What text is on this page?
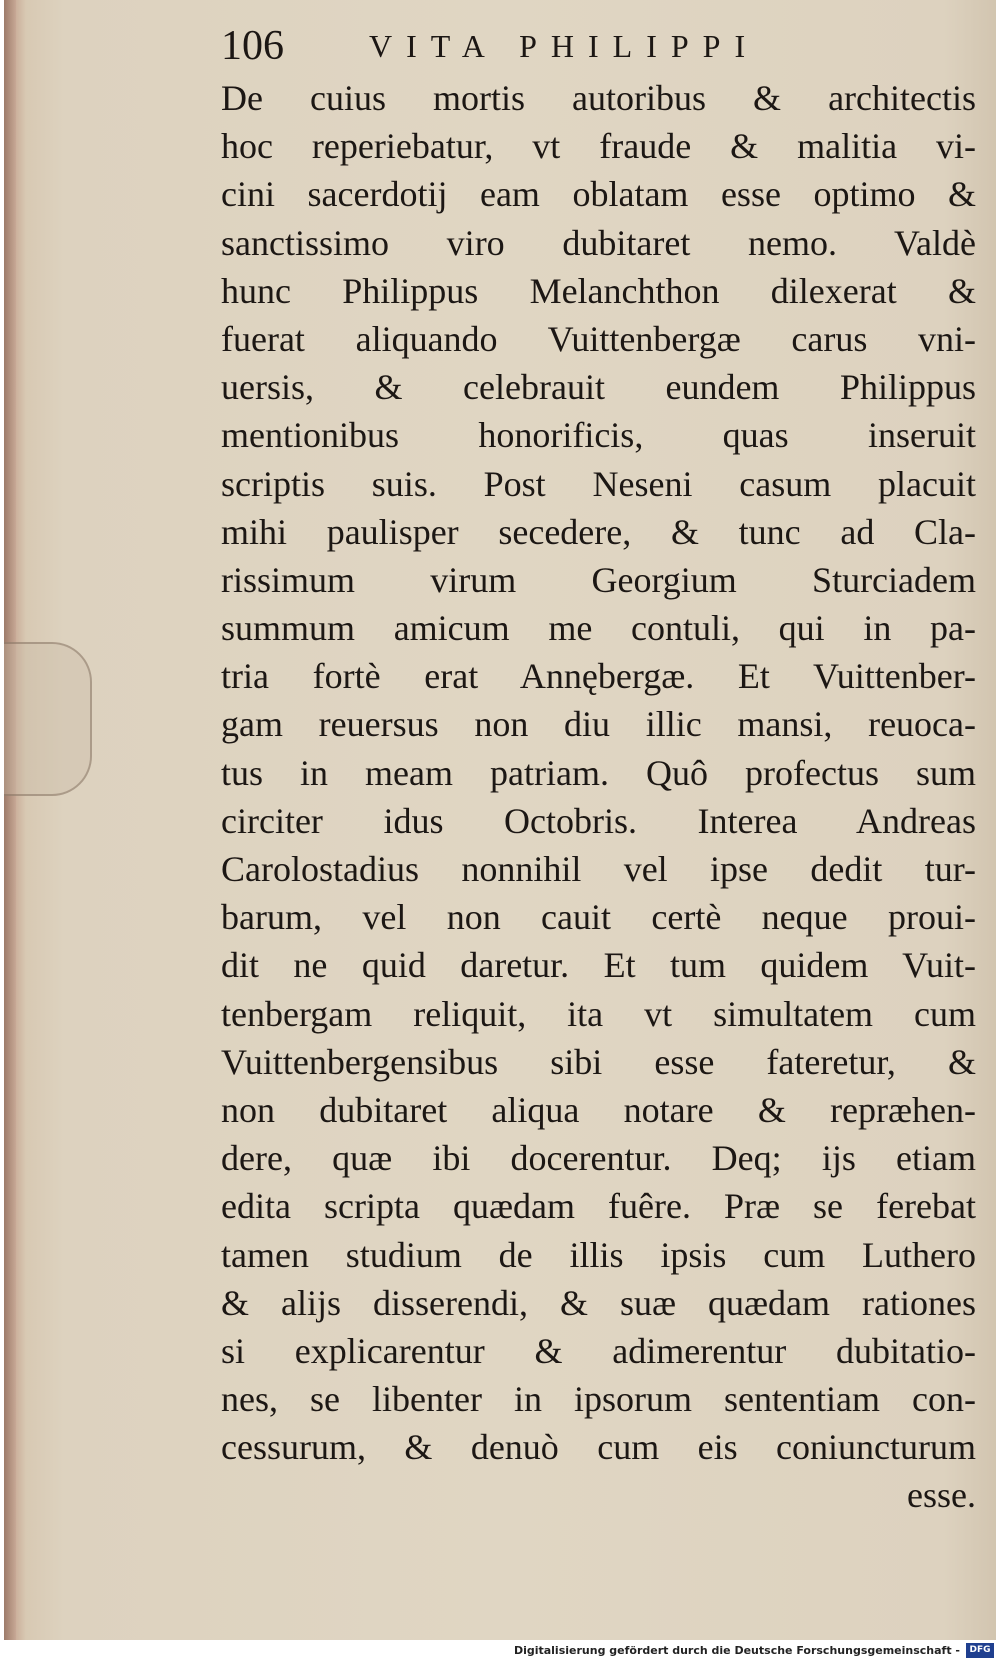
106	VITA PHILIPPI
De cuius mortis autoribus & architectis
hoc reperiebatur, vt fraude & malitia vi-
cini sacerdotij eam oblatam esse optimo &
sanctissimo viro dubitaret nemo. Valdè
hunc Philippus Melanchthon dilexerat &
fuerat aliquando Vuittenbergæ carus vni-
uersis, & celebrauit eundem Philippus
mentionibus honorificis, quas inseruit
scriptis suis. Post Neseni casum placuit
mihi paulisper secedere, & tunc ad Cla-
rissimum virum Georgium Sturciadem
summum amicum me contuli, qui in pa-
tria fortè erat Annębergæ. Et Vuittenber-
gam reuersus non diu illic mansi, reuoca-
tus in meam patriam. Quô profectus sum
circiter idus Octobris. Interea Andreas
Carolostadius nonnihil vel ipse dedit tur-
barum, vel non cauit certè neque proui-
dit ne quid daretur. Et tum quidem Vuit-
tenbergam reliquit, ita vt simultatem cum
Vuittenbergensibus sibi esse fateretur, &
non dubitaret aliqua notare & repræhen-
dere, quæ ibi docerentur. Deq; ijs etiam
edita scripta quædam fuêre. Præ se ferebat
tamen studium de illis ipsis cum Luthero
& alijs disserendi, & suæ quædam rationes
si explicarentur & adimerentur dubitatio-
nes, se libenter in ipsorum sententiam con-
cessurum, & denuò cum eis coniuncturum
esse.
Digitalisierung gefördert durch die Deutsche Forschungsgemeinschaft -	DFG
